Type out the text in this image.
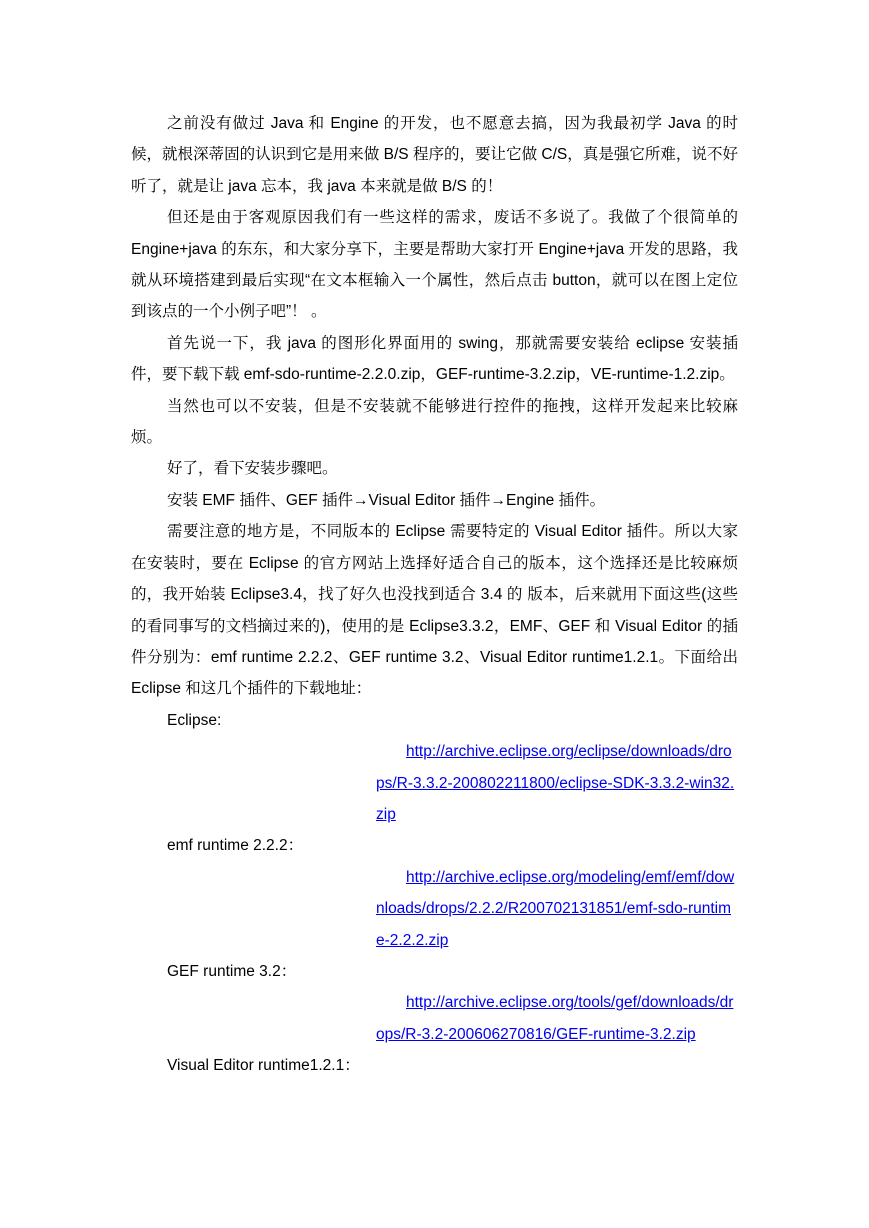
之前没有做过 Java 和 Engine 的开发，也不愿意去搞，因为我最初学 Java 的时候，就根深蒂固的认识到它是用来做 B/S 程序的，要让它做 C/S，真是强它所难，说不好听了，就是让 java 忘本，我 java 本来就是做 B/S 的！

但还是由于客观原因我们有一些这样的需求，废话不多说了。我做了个很简单的 Engine+java 的东东，和大家分享下，主要是帮助大家打开 Engine+java 开发的思路，我就从环境搭建到最后实现“在文本框输入一个属性，然后点击 button，就可以在图上定位到该点的一个小例子吧”！ 。

首先说一下，我 java 的图形化界面用的 swing，那就需要安装给 eclipse 安装插件，要下载下载 emf-sdo-runtime-2.2.0.zip，GEF-runtime-3.2.zip，VE-runtime-1.2.zip。

当然也可以不安装，但是不安装就不能够进行控件的拖拽，这样开发起来比较麻烦。

好了，看下安装步骤吧。

安装 EMF 插件、GEF 插件→Visual Editor 插件→Engine 插件。

需要注意的地方是，不同版本的 Eclipse 需要特定的 Visual Editor 插件。所以大家在安装时，要在 Eclipse 的官方网站上选择好适合自己的版本，这个选择还是比较麻烦的，我开始装 Eclipse3.4，找了好久也没找到适合 3.4 的 版本，后来就用下面这些(这些的看同事写的文档摘过来的)，使用的是 Eclipse3.3.2，EMF、GEF 和 Visual Editor 的插件分别为：emf runtime 2.2.2、GEF runtime 3.2、Visual Editor runtime1.2.1。下面给出 Eclipse 和这几个插件的下载地址：

Eclipse:

http://archive.eclipse.org/eclipse/downloads/drops/R-3.3.2-200802211800/eclipse-SDK-3.3.2-win32.zip

emf runtime 2.2.2：

http://archive.eclipse.org/modeling/emf/emf/downloads/drops/2.2.2/R200702131851/emf-sdo-runtime-2.2.2.zip

GEF runtime 3.2：

http://archive.eclipse.org/tools/gef/downloads/drops/R-3.2-200606270816/GEF-runtime-3.2.zip

Visual Editor runtime1.2.1：
